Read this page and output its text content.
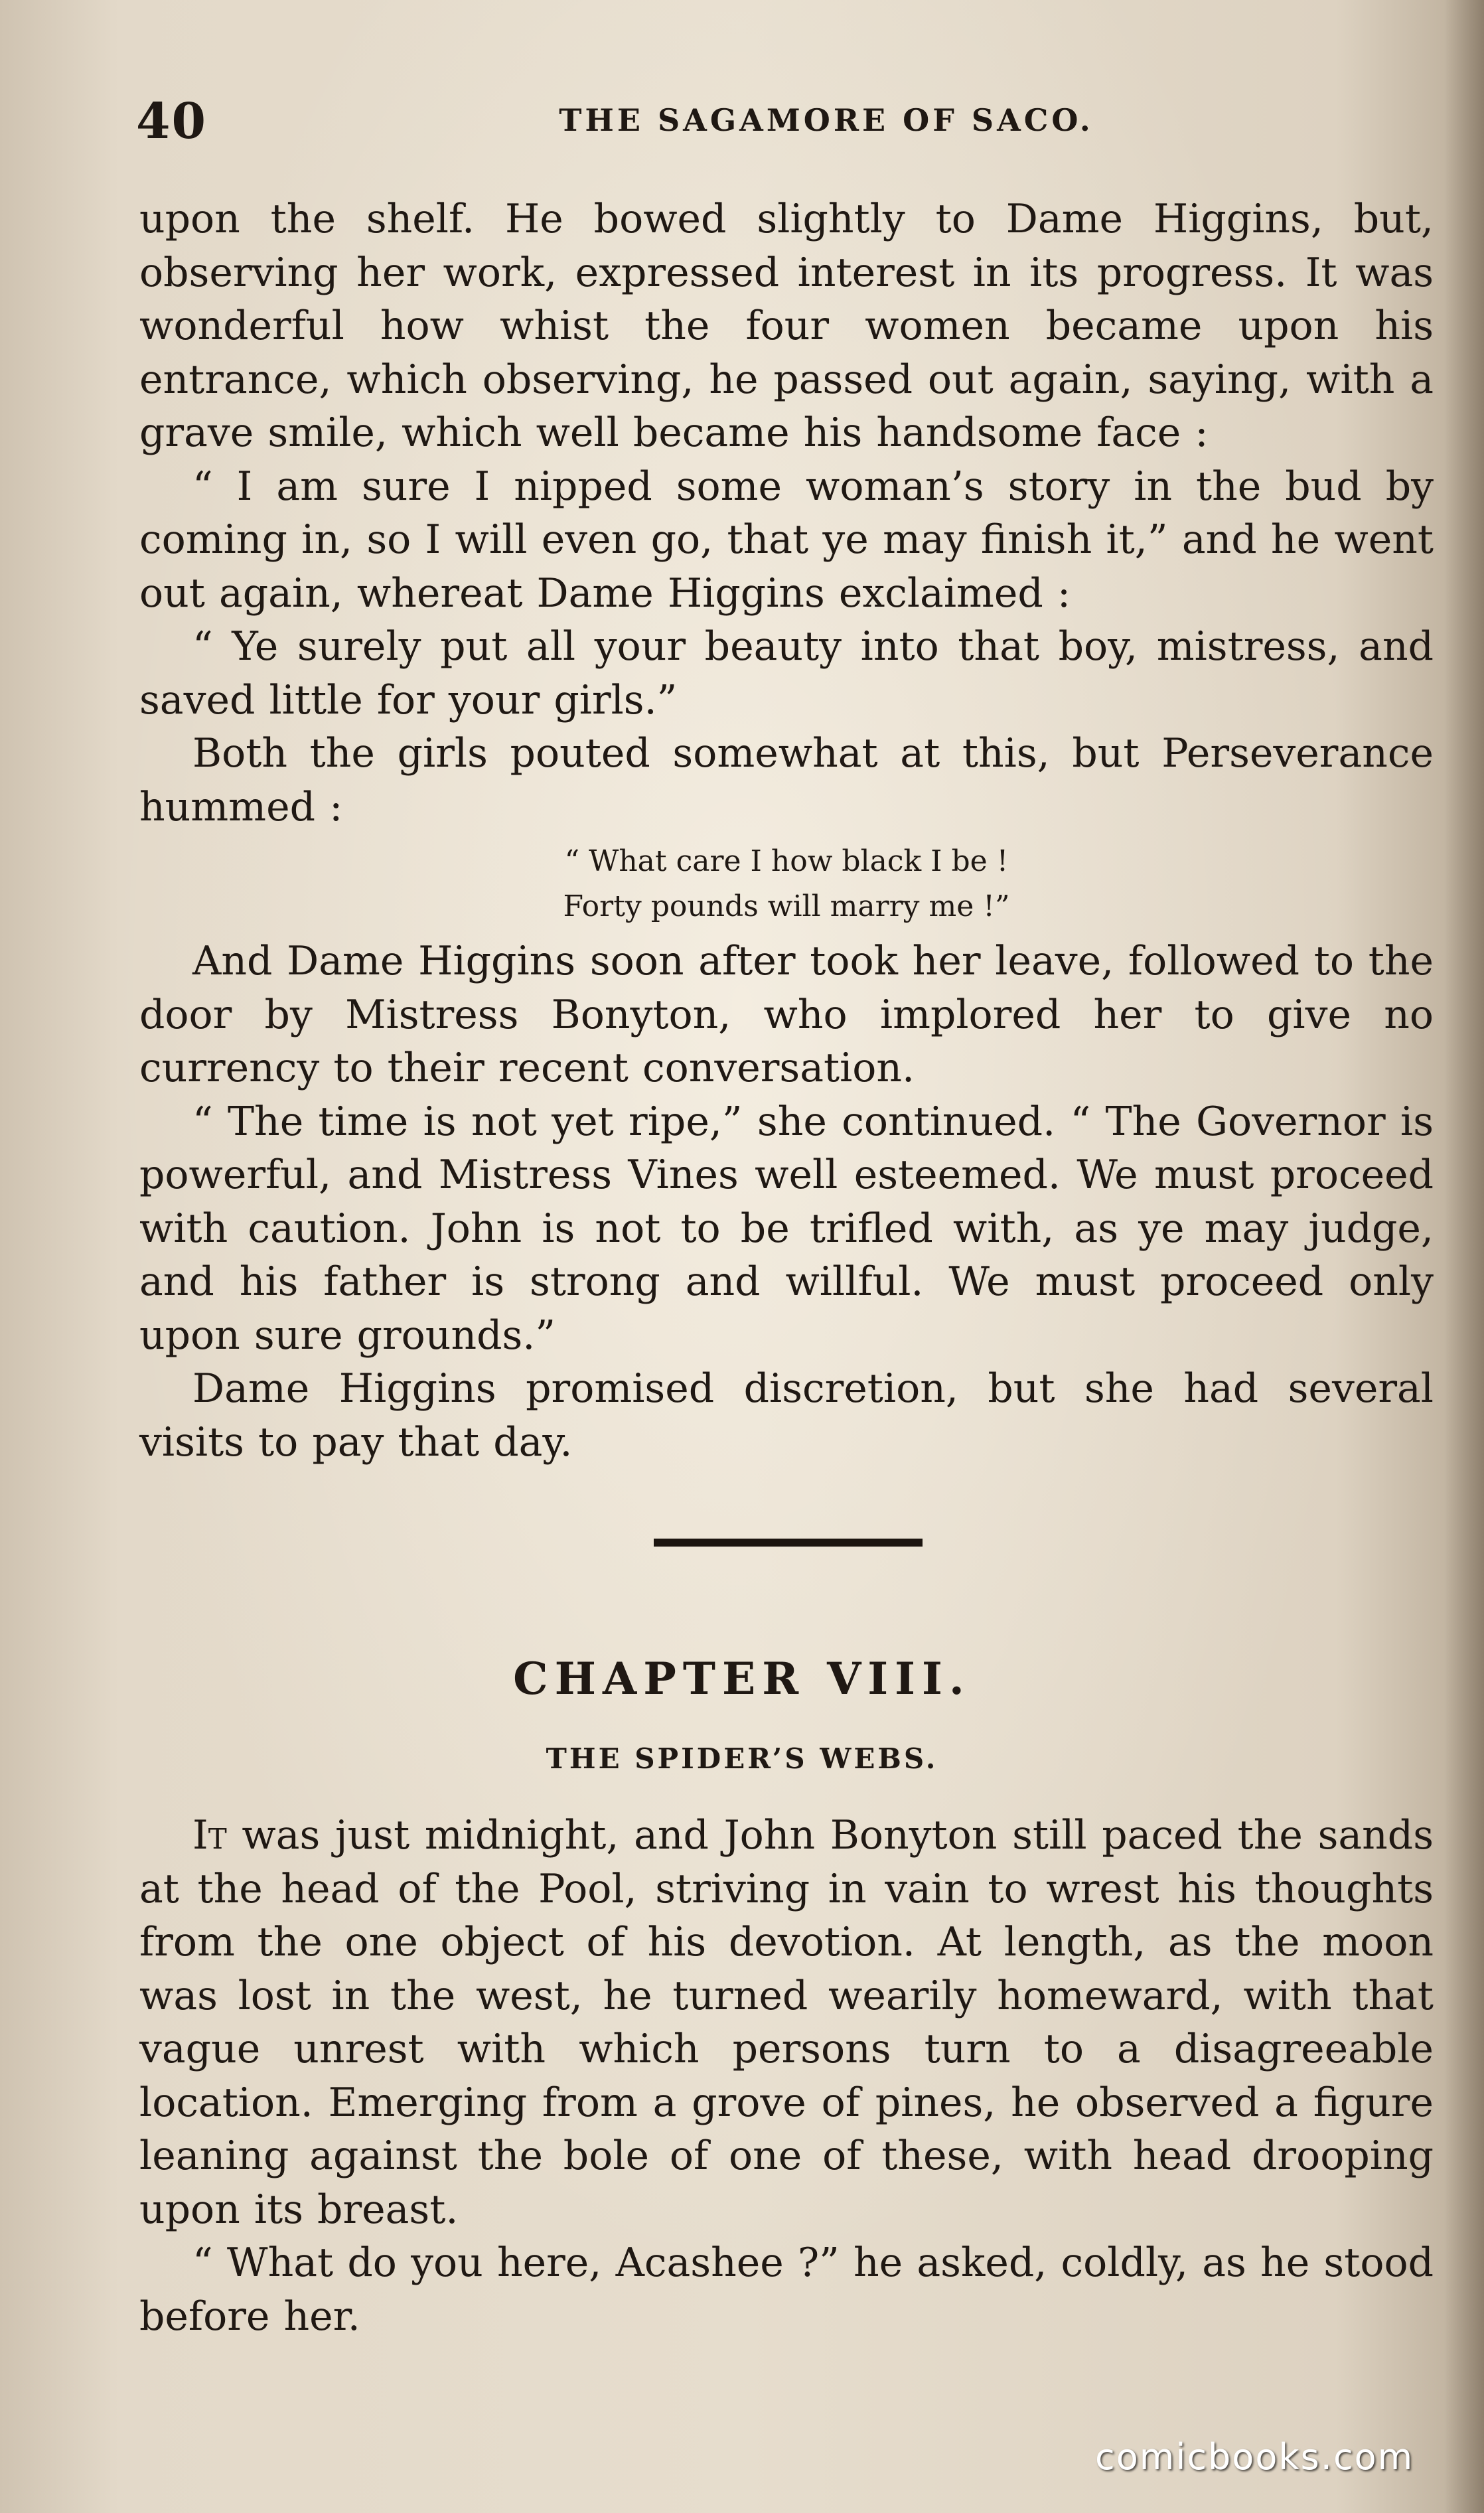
40	THE SAGAMORE OF SACO.

upon the shelf. He bowed slightly to Dame Higgins, but, observing her work, expressed interest in its progress. It was wonderful how whist the four women became upon his entrance, which observing, he passed out again, saying, with a grave smile, which well became his handsome face :

“ I am sure I nipped some woman’s story in the bud by coming in, so I will even go, that ye may finish it,” and he went out again, whereat Dame Higgins exclaimed :

“ Ye surely put all your beauty into that boy, mistress, and saved little for your girls.”

Both the girls pouted somewhat at this, but Perseverance hummed :

“ What care I how black I be !
Forty pounds will marry me !”

And Dame Higgins soon after took her leave, followed to the door by Mistress Bonyton, who implored her to give no currency to their recent conversation.

“ The time is not yet ripe,” she continued. “ The Governor is powerful, and Mistress Vines well esteemed. We must proceed with caution. John is not to be trifled with, as ye may judge, and his father is strong and willful. We must proceed only upon sure grounds.”

Dame Higgins promised discretion, but she had several visits to pay that day.

CHAPTER VIII.
THE SPIDER’S WEBS.

It was just midnight, and John Bonyton still paced the sands at the head of the Pool, striving in vain to wrest his thoughts from the one object of his devotion. At length, as the moon was lost in the west, he turned wearily homeward, with that vague unrest with which persons turn to a disagreeable location. Emerging from a grove of pines, he observed a figure leaning against the bole of one of these, with head drooping upon its breast.

“ What do you here, Acashee ?” he asked, coldly, as he stood before her.

comicbooks.com
